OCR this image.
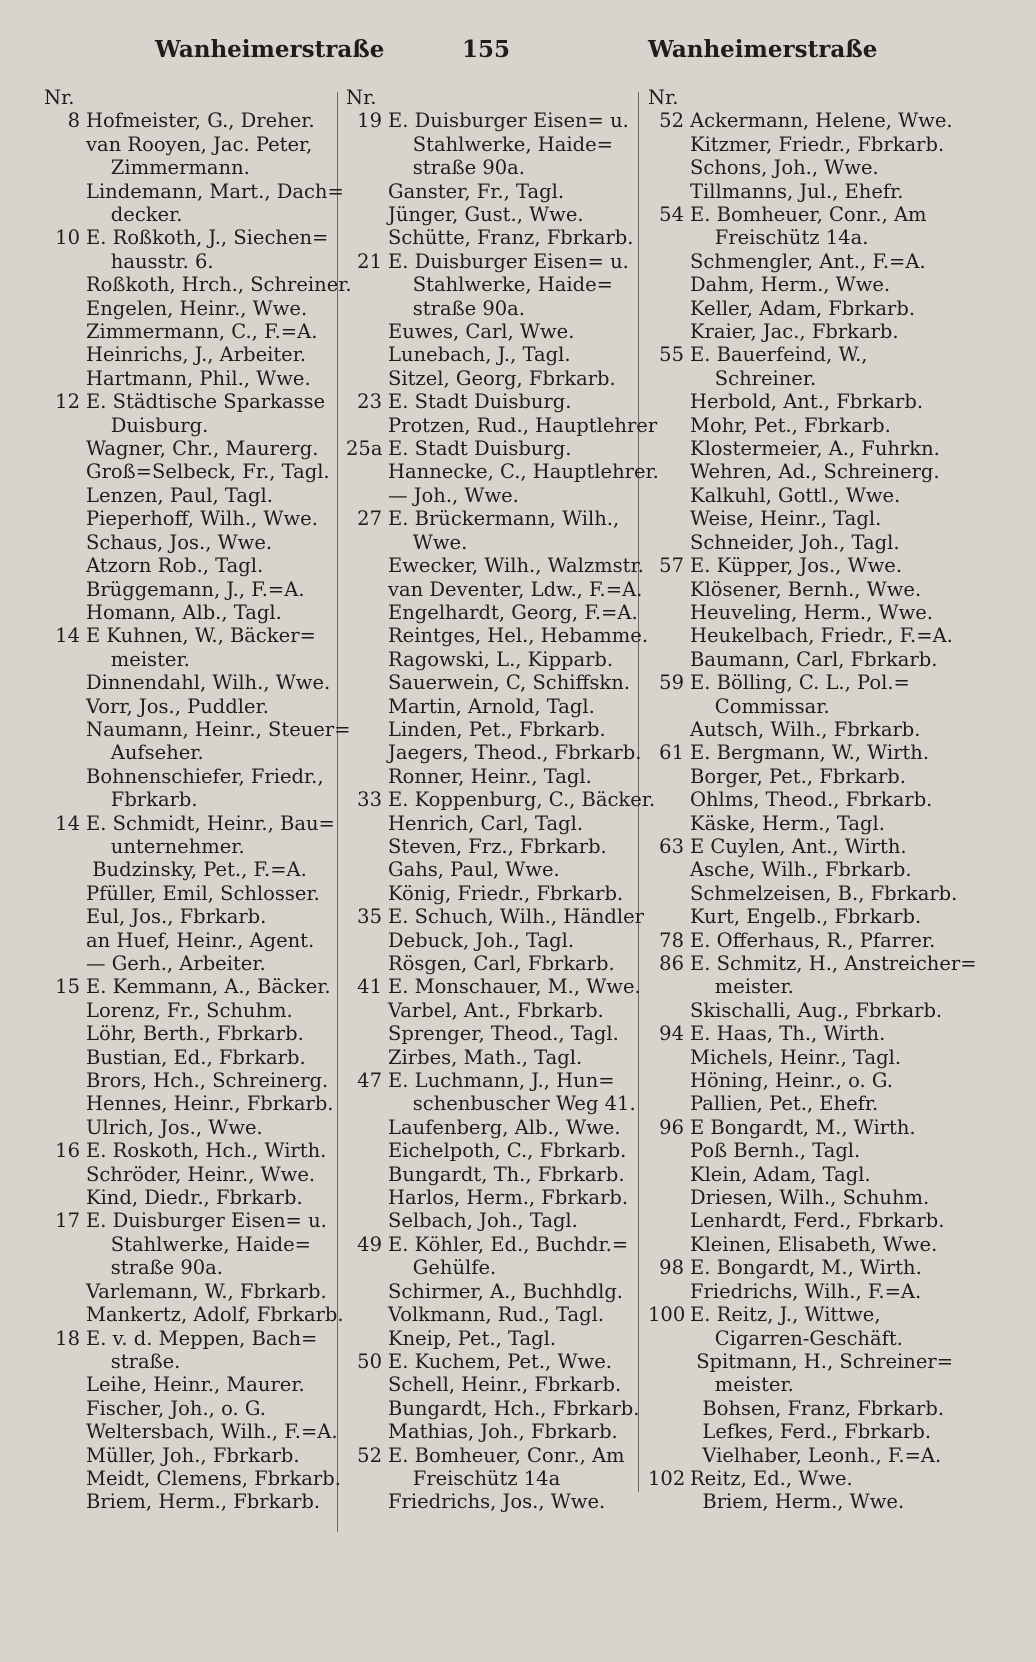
Wanheimerstraße	155	Wanheimerstraße
Nr.
8 Hofmeister, G., Dreher.
van Rooyen, Jac. Peter,
Zimmermann.
Lindemann, Mart., Dach=
decker.
10 E. Roßkoth, J., Siechen=
hausstr. 6.
Roßkoth, Hrch., Schreiner.
Engelen, Heinr., Wwe.
Zimmermann, C., F.=A.
Heinrichs, J., Arbeiter.
Hartmann, Phil., Wwe.
12 E. Städtische Sparkasse
Duisburg.
Wagner, Chr., Maurerg.
Groß=Selbeck, Fr., Tagl.
Lenzen, Paul, Tagl.
Pieperhoff, Wilh., Wwe.
Schaus, Jos., Wwe.
Atzorn Rob., Tagl.
Brüggemann, J., F.=A.
Homann, Alb., Tagl.
14 E Kuhnen, W., Bäcker=
meister.
Dinnendahl, Wilh., Wwe.
Vorr, Jos., Puddler.
Naumann, Heinr., Steuer=
Aufseher.
Bohnenschiefer, Friedr.,
Fbrkarb.
14 E. Schmidt, Heinr., Bau=
unternehmer.
Budzinsky, Pet., F.=A.
Pfüller, Emil, Schlosser.
Eul, Jos., Fbrkarb.
an Huef, Heinr., Agent.
— Gerh., Arbeiter.
15 E. Kemmann, A., Bäcker.
Lorenz, Fr., Schuhm.
Löhr, Berth., Fbrkarb.
Bustian, Ed., Fbrkarb.
Brors, Hch., Schreinerg.
Hennes, Heinr., Fbrkarb.
Ulrich, Jos., Wwe.
16 E. Roskoth, Hch., Wirth.
Schröder, Heinr., Wwe.
Kind, Diedr., Fbrkarb.
17 E. Duisburger Eisen= u.
Stahlwerke, Haide=
straße 90a.
Varlemann, W., Fbrkarb.
Mankertz, Adolf, Fbrkarb.
18 E. v. d. Meppen, Bach=
straße.
Leihe, Heinr., Maurer.
Fischer, Joh., o. G.
Weltersbach, Wilh., F.=A.
Müller, Joh., Fbrkarb.
Meidt, Clemens, Fbrkarb.
Briem, Herm., Fbrkarb.
Nr.
19 E. Duisburger Eisen= u.
Stahlwerke, Haide=
straße 90a.
Ganster, Fr., Tagl.
Jünger, Gust., Wwe.
Schütte, Franz, Fbrkarb.
21 E. Duisburger Eisen= u.
Stahlwerke, Haide=
straße 90a.
Euwes, Carl, Wwe.
Lunebach, J., Tagl.
Sitzel, Georg, Fbrkarb.
23 E. Stadt Duisburg.
Protzen, Rud., Hauptlehrer
25a E. Stadt Duisburg.
Hannecke, C., Hauptlehrer.
— Joh., Wwe.
27 E. Brückermann, Wilh.,
Wwe.
Ewecker, Wilh., Walzmstr.
van Deventer, Ldw., F.=A.
Engelhardt, Georg, F.=A.
Reintges, Hel., Hebamme.
Ragowski, L., Kipparb.
Sauerwein, C, Schiffskn.
Martin, Arnold, Tagl.
Linden, Pet., Fbrkarb.
Jaegers, Theod., Fbrkarb.
Ronner, Heinr., Tagl.
33 E. Koppenburg, C., Bäcker.
Henrich, Carl, Tagl.
Steven, Frz., Fbrkarb.
Gahs, Paul, Wwe.
König, Friedr., Fbrkarb.
35 E. Schuch, Wilh., Händler
Debuck, Joh., Tagl.
Rösgen, Carl, Fbrkarb.
41 E. Monschauer, M., Wwe.
Varbel, Ant., Fbrkarb.
Sprenger, Theod., Tagl.
Zirbes, Math., Tagl.
47 E. Luchmann, J., Hun=
schenbuscher Weg 41.
Laufenberg, Alb., Wwe.
Eichelpoth, C., Fbrkarb.
Bungardt, Th., Fbrkarb.
Harlos, Herm., Fbrkarb.
Selbach, Joh., Tagl.
49 E. Köhler, Ed., Buchdr.=
Gehülfe.
Schirmer, A., Buchhdlg.
Volkmann, Rud., Tagl.
Kneip, Pet., Tagl.
50 E. Kuchem, Pet., Wwe.
Schell, Heinr., Fbrkarb.
Bungardt, Hch., Fbrkarb.
Mathias, Joh., Fbrkarb.
52 E. Bomheuer, Conr., Am
Freischütz 14a
Friedrichs, Jos., Wwe.
Nr.
52 Ackermann, Helene, Wwe.
Kitzmer, Friedr., Fbrkarb.
Schons, Joh., Wwe.
Tillmanns, Jul., Ehefr.
54 E. Bomheuer, Conr., Am
Freischütz 14a.
Schmengler, Ant., F.=A.
Dahm, Herm., Wwe.
Keller, Adam, Fbrkarb.
Kraier, Jac., Fbrkarb.
55 E. Bauerfeind, W.,
Schreiner.
Herbold, Ant., Fbrkarb.
Mohr, Pet., Fbrkarb.
Klostermeier, A., Fuhrkn.
Wehren, Ad., Schreinerg.
Kalkuhl, Gottl., Wwe.
Weise, Heinr., Tagl.
Schneider, Joh., Tagl.
57 E. Küpper, Jos., Wwe.
Klösener, Bernh., Wwe.
Heuveling, Herm., Wwe.
Heukelbach, Friedr., F.=A.
Baumann, Carl, Fbrkarb.
59 E. Bölling, C. L., Pol.=
Commissar.
Autsch, Wilh., Fbrkarb.
61 E. Bergmann, W., Wirth.
Borger, Pet., Fbrkarb.
Ohlms, Theod., Fbrkarb.
Käske, Herm., Tagl.
63 E Cuylen, Ant., Wirth.
Asche, Wilh., Fbrkarb.
Schmelzeisen, B., Fbrkarb.
Kurt, Engelb., Fbrkarb.
78 E. Offerhaus, R., Pfarrer.
86 E. Schmitz, H., Anstreicher=
meister.
Skischalli, Aug., Fbrkarb.
94 E. Haas, Th., Wirth.
Michels, Heinr., Tagl.
Höning, Heinr., o. G.
Pallien, Pet., Ehefr.
96 E Bongardt, M., Wirth.
Poß Bernh., Tagl.
Klein, Adam, Tagl.
Driesen, Wilh., Schuhm.
Lenhardt, Ferd., Fbrkarb.
Kleinen, Elisabeth, Wwe.
98 E. Bongardt, M., Wirth.
Friedrichs, Wilh., F.=A.
100 E. Reitz, J., Wittwe,
Cigarren-Geschäft.
Spitmann, H., Schreiner=
meister.
Bohsen, Franz, Fbrkarb.
Lefkes, Ferd., Fbrkarb.
Vielhaber, Leonh., F.=A.
102 Reitz, Ed., Wwe.
Briem, Herm., Wwe.
